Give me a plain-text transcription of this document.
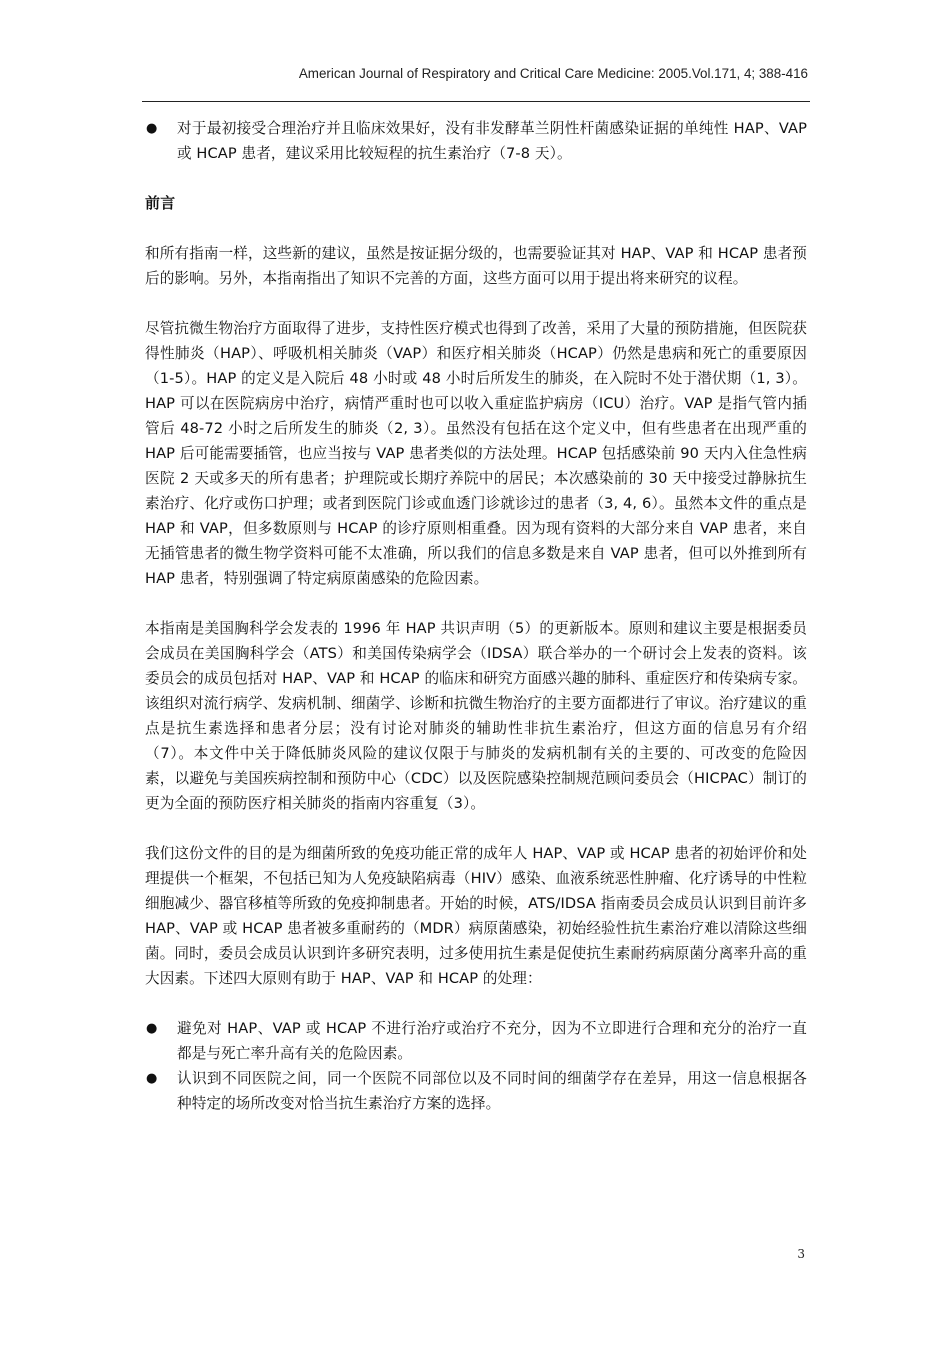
American Journal of Respiratory and Critical Care Medicine: 2005.Vol.171, 4; 388-416
● 对于最初接受合理治疗并且临床效果好，没有非发酵革兰阴性杆菌感染证据的单纯性 HAP、VAP 或 HCAP 患者，建议采用比较短程的抗生素治疗（7-8 天）。

前言

和所有指南一样，这些新的建议，虽然是按证据分级的，也需要验证其对 HAP、VAP 和 HCAP 患者预后的影响。另外，本指南指出了知识不完善的方面，这些方面可以用于提出将来研究的议程。

尽管抗微生物治疗方面取得了进步，支持性医疗模式也得到了改善，采用了大量的预防措施，但医院获得性肺炎（HAP）、呼吸机相关肺炎（VAP）和医疗相关肺炎（HCAP）仍然是患病和死亡的重要原因（1-5）。HAP 的定义是入院后 48 小时或 48 小时后所发生的肺炎，在入院时不处于潜伏期（1, 3）。HAP 可以在医院病房中治疗，病情严重时也可以收入重症监护病房（ICU）治疗。VAP 是指气管内插管后 48-72 小时之后所发生的肺炎（2, 3）。虽然没有包括在这个定义中，但有些患者在出现严重的 HAP 后可能需要插管，也应当按与 VAP 患者类似的方法处理。HCAP 包括感染前 90 天内入住急性病医院 2 天或多天的所有患者；护理院或长期疗养院中的居民；本次感染前的 30 天中接受过静脉抗生素治疗、化疗或伤口护理；或者到医院门诊或血透门诊就诊过的患者（3, 4, 6）。虽然本文件的重点是 HAP 和 VAP，但多数原则与 HCAP 的诊疗原则相重叠。因为现有资料的大部分来自 VAP 患者，来自无插管患者的微生物学资料可能不太准确，所以我们的信息多数是来自 VAP 患者，但可以外推到所有 HAP 患者，特别强调了特定病原菌感染的危险因素。

本指南是美国胸科学会发表的 1996 年 HAP 共识声明（5）的更新版本。原则和建议主要是根据委员会成员在美国胸科学会（ATS）和美国传染病学会（IDSA）联合举办的一个研讨会上发表的资料。该委员会的成员包括对 HAP、VAP 和 HCAP 的临床和研究方面感兴趣的肺科、重症医疗和传染病专家。该组织对流行病学、发病机制、细菌学、诊断和抗微生物治疗的主要方面都进行了审议。治疗建议的重点是抗生素选择和患者分层；没有讨论对肺炎的辅助性非抗生素治疗，但这方面的信息另有介绍（7）。本文件中关于降低肺炎风险的建议仅限于与肺炎的发病机制有关的主要的、可改变的危险因素，以避免与美国疾病控制和预防中心（CDC）以及医院感染控制规范顾问委员会（HICPAC）制订的更为全面的预防医疗相关肺炎的指南内容重复（3）。

我们这份文件的目的是为细菌所致的免疫功能正常的成年人 HAP、VAP 或 HCAP 患者的初始评价和处理提供一个框架，不包括已知为人免疫缺陷病毒（HIV）感染、血液系统恶性肿瘤、化疗诱导的中性粒细胞减少、器官移植等所致的免疫抑制患者。开始的时候，ATS/IDSA 指南委员会成员认识到目前许多 HAP、VAP 或 HCAP 患者被多重耐药的（MDR）病原菌感染，初始经验性抗生素治疗难以清除这些细菌。同时，委员会成员认识到许多研究表明，过多使用抗生素是促使抗生素耐药病原菌分离率升高的重大因素。下述四大原则有助于 HAP、VAP 和 HCAP 的处理：

● 避免对 HAP、VAP 或 HCAP 不进行治疗或治疗不充分，因为不立即进行合理和充分的治疗一直都是与死亡率升高有关的危险因素。
● 认识到不同医院之间，同一个医院不同部位以及不同时间的细菌学存在差异，用这一信息根据各种特定的场所改变对恰当抗生素治疗方案的选择。
3
